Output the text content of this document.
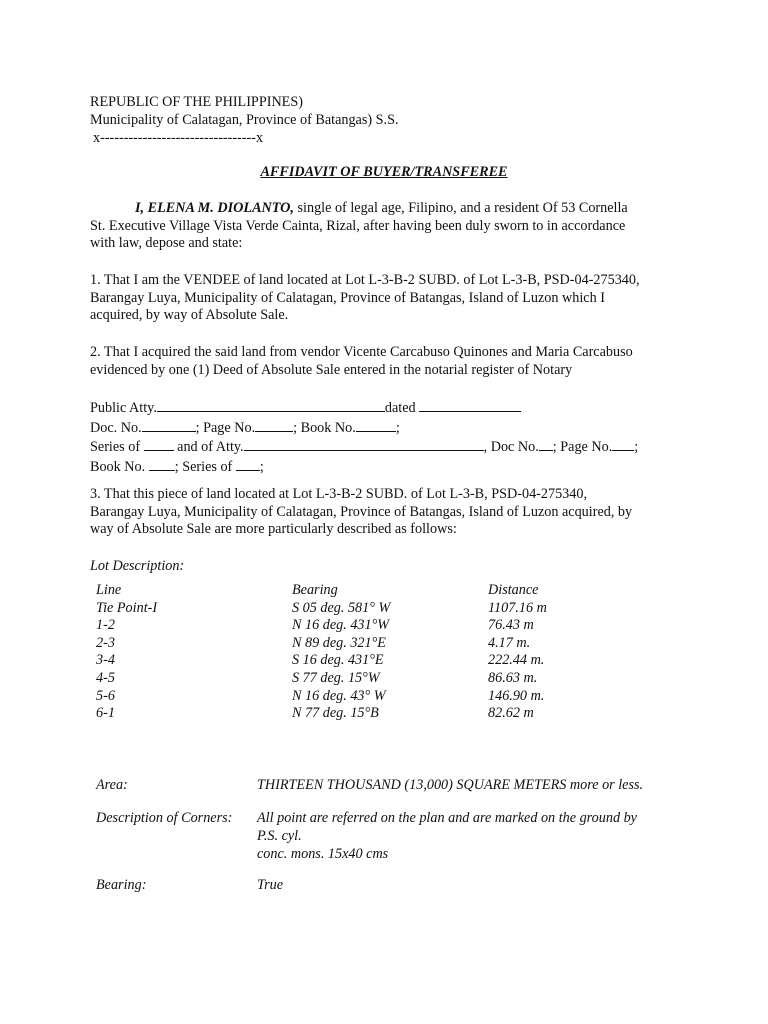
REPUBLIC OF THE PHILIPPINES)
Municipality of Calatagan, Province of Batangas) S.S.
x---------------------------------x
AFFIDAVIT OF BUYER/TRANSFEREE

I, ELENA M. DIOLANTO, single of legal age, Filipino, and a resident Of 53 Cornella

St. Executive Village Vista Verde Cainta, Rizal, after having been duly sworn to in accordance

with law, depose and state:

1. That I am the VENDEE of land located at Lot L-3-B-2 SUBD. of Lot L-3-B, PSD-04-275340,

Barangay Luya, Municipality of Calatagan, Province of Batangas, Island of Luzon which I

acquired, by way of Absolute Sale.

2. That I acquired the said land from vendor Vicente Carcabuso Quinones and Maria Carcabuso

evidenced by one (1) Deed of Absolute Sale entered in the notarial register of Notary

Public Atty.	dated

Doc. No.	; Page No.	; Book No.	;

Series of  and of Atty.	, Doc No. ; Page No. ;

Book No. ; Series of ;

3. That this piece of land located at Lot L-3-B-2 SUBD. of Lot L-3-B, PSD-04-275340,

Barangay Luya, Municipality of Calatagan, Province of Batangas, Island of Luzon acquired, by

way of Absolute Sale are more particularly described as follows:

Lot Description:
Line	Bearing	Distance
Tie Point-I	S 05 deg. 581° W	1107.16 m
1-2	N 16 deg. 431°W	76.43 m
2-3	N 89 deg. 321°E	4.17 m.
3-4	S 16 deg. 431°E	222.44 m.
4-5	S 77 deg. 15°W	86.63 m.
5-6	N 16 deg. 43° W	146.90 m.
6-1	N 77 deg. 15°B	82.62 m
Area:	THIRTEEN THOUSAND (13,000) SQUARE METERS more or less.
Description of Corners: All point are referred on the plan and are marked on the ground by
P.S. cyl.
conc. mons. 15x40 cms
Bearing:	True
